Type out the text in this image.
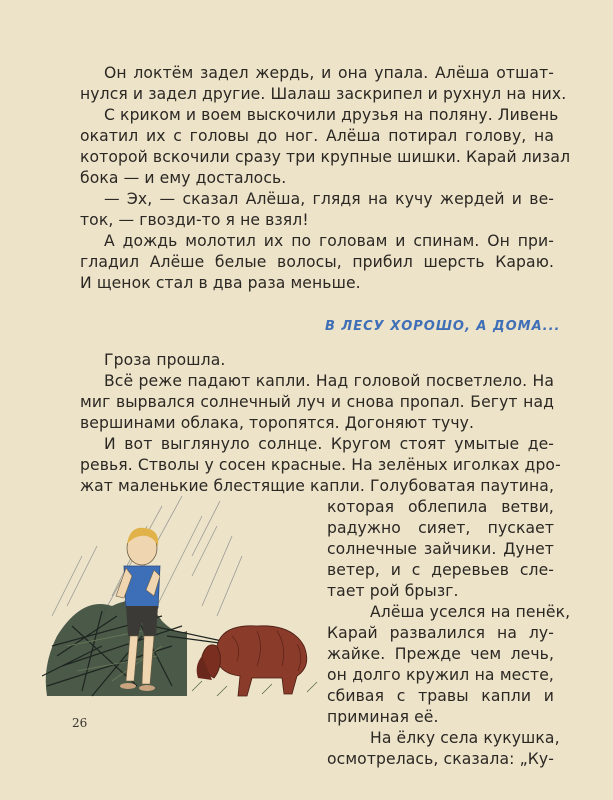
Он локтём задел жердь, и она упала. Алёша отшат-
нулся и задел другие. Шалаш заскрипел и рухнул на них.
С криком и воем выскочили друзья на поляну. Ливень
окатил их с головы до ног. Алёша потирал голову, на
которой вскочили сразу три крупные шишки. Карай лизал
бока — и ему досталось.
— Эх, — сказал Алёша, глядя на кучу жердей и ве-
ток, — гвозди-то я не взял!
А дождь молотил их по головам и спинам. Он при-
гладил Алёше белые волосы, прибил шерсть Караю.
И щенок стал в два раза меньше.
В ЛЕСУ ХОРОШО, А ДОМА...
Гроза прошла.
Всё реже падают капли. Над головой посветлело. На
миг вырвался солнечный луч и снова пропал. Бегут над
вершинами облака, торопятся. Догоняют тучу.
И вот выглянуло солнце. Кругом стоят умытые де-
ревья. Стволы у сосен красные. На зелёных иголках дро-
жат маленькие блестящие капли. Голубоватая паутина,
которая облепила ветви,
радужно сияет, пускает
солнечные зайчики. Дунет
ветер, и с деревьев сле-
тает рой брызг.
Алёша уселся на пенёк,
Карай развалился на лу-
жайке. Прежде чем лечь,
он долго кружил на месте,
сбивая с травы капли и
приминая её.
На ёлку села кукушка,
осмотрелась, сказала: „Ку-
26
